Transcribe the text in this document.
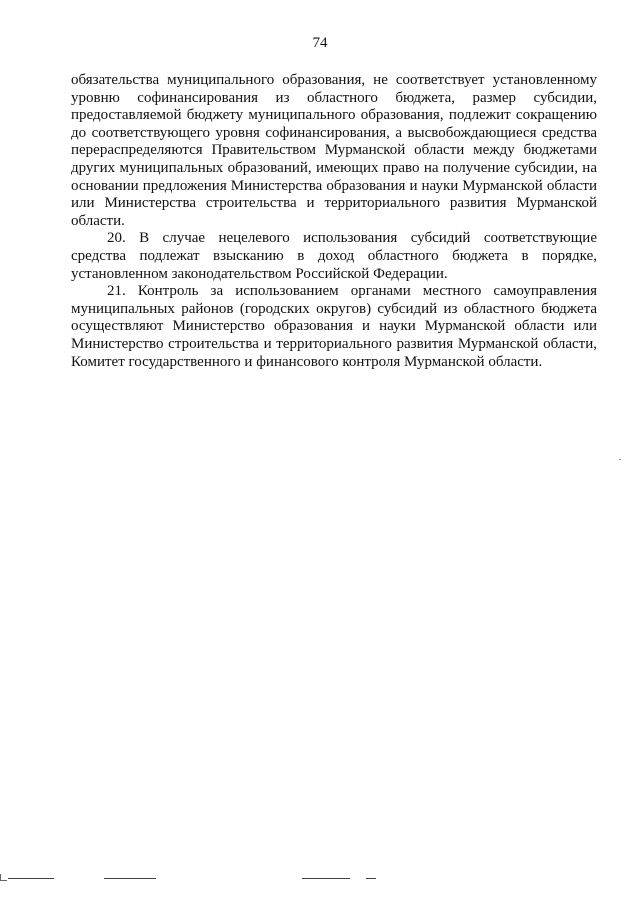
74

обязательства муниципального образования, не соответствует установленному уровню софинансирования из областного бюджета, размер субсидии, предоставляемой бюджету муниципального образования, подлежит сокращению до соответствующего уровня софинансирования, а высвобождающиеся средства перераспределяются Правительством Мурманской области между бюджетами других муниципальных образований, имеющих право на получение субсидии, на основании предложения Министерства образования и науки Мурманской области или Министерства строительства и территориального развития Мурманской области.

20. В случае нецелевого использования субсидий соответствующие средства подлежат взысканию в доход областного бюджета в порядке, установленном законодательством Российской Федерации.

21. Контроль за использованием органами местного самоуправления муниципальных районов (городских округов) субсидий из областного бюджета осуществляют Министерство образования и науки Мурманской области или Министерство строительства и территориального развития Мурманской области, Комитет государственного и финансового контроля Мурманской области.
